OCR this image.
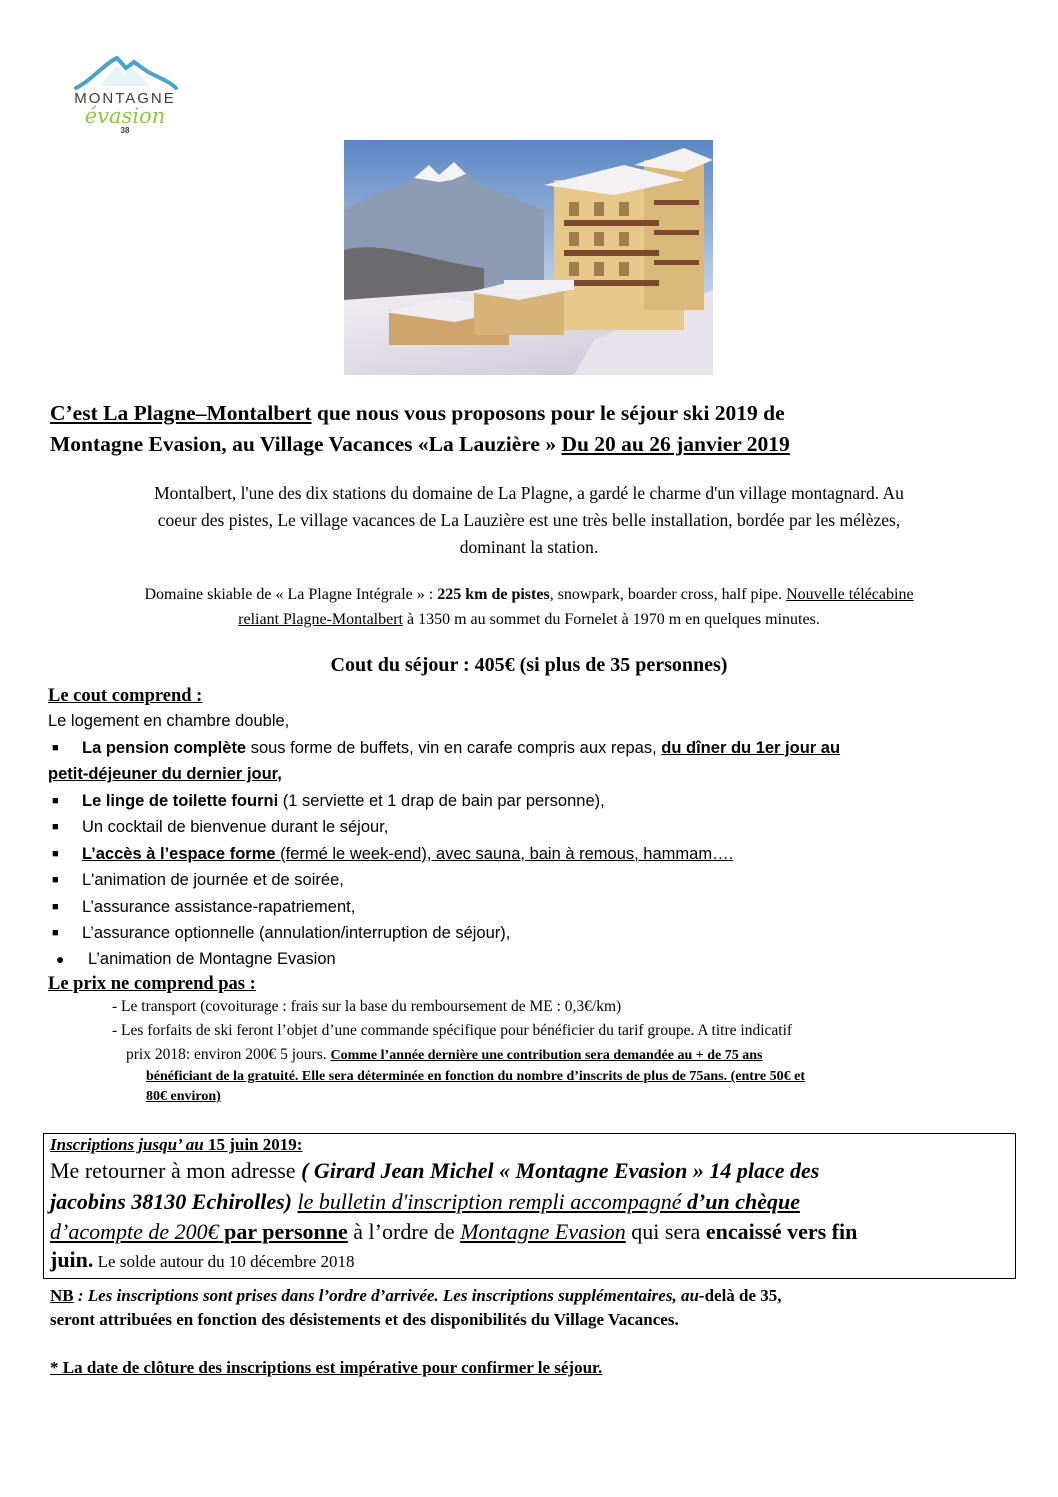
MONTAGNE
évasion
38
C’est La Plagne–Montalbert que nous vous proposons pour le séjour ski 2019 de
Montagne Evasion, au Village Vacances «La Lauzière » Du 20 au 26 janvier 2019
Montalbert, l'une des dix stations du domaine de La Plagne, a gardé le charme d'un village montagnard. Au
coeur des pistes, Le village vacances de La Lauzière est une très belle installation, bordée par les mélèzes,
dominant la station.
Domaine skiable de « La Plagne Intégrale » : 225 km de pistes, snowpark, boarder cross, half pipe. Nouvelle télécabine
reliant Plagne-Montalbert à 1350 m au sommet du Fornelet à 1970 m en quelques minutes.
Cout du séjour : 405€ (si plus de 35 personnes)
Le cout comprend :
Le logement en chambre double,
■ La pension complète sous forme de buffets, vin en carafe compris aux repas, du dîner du 1er jour au
petit-déjeuner du dernier jour,
■ Le linge de toilette fourni (1 serviette et 1 drap de bain par personne),
■ Un cocktail de bienvenue durant le séjour,
■ L’accès à l’espace forme (fermé le week-end), avec sauna, bain à remous, hammam….
■ L'animation de journée et de soirée,
■ L’assurance assistance-rapatriement,
■ L’assurance optionnelle (annulation/interruption de séjour),
● L’animation de Montagne Evasion
Le prix ne comprend pas :
- Le transport (covoiturage : frais sur la base du remboursement de ME : 0,3€/km)
- Les forfaits de ski feront l’objet d’une commande spécifique pour bénéficier du tarif groupe. A titre indicatif
prix 2018: environ 200€ 5 jours. Comme l’année dernière une contribution sera demandée au + de 75 ans
bénéficiant de la gratuité. Elle sera déterminée en fonction du nombre d’inscrits de plus de 75ans. (entre 50€ et
80€ environ)
Inscriptions jusqu’ au 15 juin 2019:
Me retourner à mon adresse ( Girard Jean Michel « Montagne Evasion » 14 place des
jacobins 38130 Echirolles) le bulletin d'inscription rempli accompagné d’un chèque
d’acompte de 200€ par personne à l’ordre de Montagne Evasion qui sera encaissé vers fin
juin. Le solde autour du 10 décembre 2018
NB : Les inscriptions sont prises dans l’ordre d’arrivée. Les inscriptions supplémentaires, au-delà de 35,
seront attribuées en fonction des désistements et des disponibilités du Village Vacances.
* La date de clôture des inscriptions est impérative pour confirmer le séjour.
